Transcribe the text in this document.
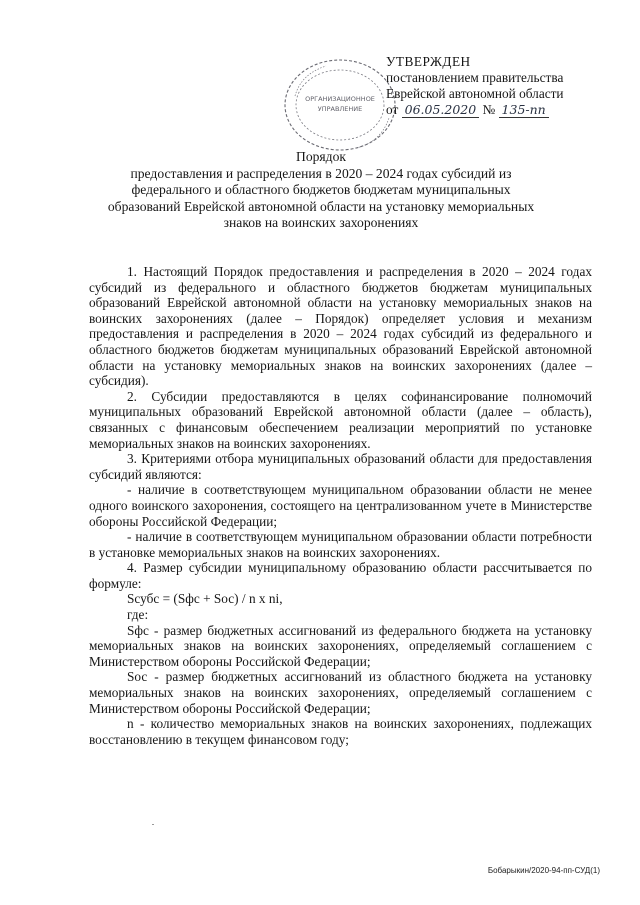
ОРГАНИЗАЦИОННОЕ
УПРАВЛЕНИЕ
УТВЕРЖДЕН
постановлением правительства
Еврейской автономной области
от 06.05.2020 № 135-пп
Порядок
предоставления и распределения в 2020 – 2024 годах субсидий из федерального и областного бюджетов бюджетам муниципальных образований Еврейской автономной области на установку мемориальных знаков на воинских захоронениях

1. Настоящий Порядок предоставления и распределения в 2020 – 2024 годах субсидий из федерального и областного бюджетов бюджетам муниципальных образований Еврейской автономной области на установку мемориальных знаков на воинских захоронениях (далее – Порядок) определяет условия и механизм предоставления и распределения в 2020 – 2024 годах субсидий из федерального и областного бюджетов бюджетам муниципальных образований Еврейской автономной области на установку мемориальных знаков на воинских захоронениях (далее – субсидия).

2. Субсидии предоставляются в целях софинансирование полномочий муниципальных образований Еврейской автономной области (далее – область), связанных с финансовым обеспечением реализации мероприятий по установке мемориальных знаков на воинских захоронениях.

3. Критериями отбора муниципальных образований области для предоставления субсидий являются:

- наличие в соответствующем муниципальном образовании области не менее одного воинского захоронения, состоящего на централизованном учете в Министерстве обороны Российской Федерации;

- наличие в соответствующем муниципальном образовании области потребности в установке мемориальных знаков на воинских захоронениях.

4. Размер субсидии муниципальному образованию области рассчитывается по формуле:

Sсубс = (Sфс + Sос) / n x ni,

где:

Sфс - размер бюджетных ассигнований из федерального бюджета на установку мемориальных знаков на воинских захоронениях, определяемый соглашением с Министерством обороны Российской Федерации;

Sос - размер бюджетных ассигнований из областного бюджета на установку мемориальных знаков на воинских захоронениях, определяемый соглашением с Министерством обороны Российской Федерации;

n - количество мемориальных знаков на воинских захоронениях, подлежащих восстановлению в текущем финансовом году;

Бобарыкин/2020-94-пп-СУД(1)
